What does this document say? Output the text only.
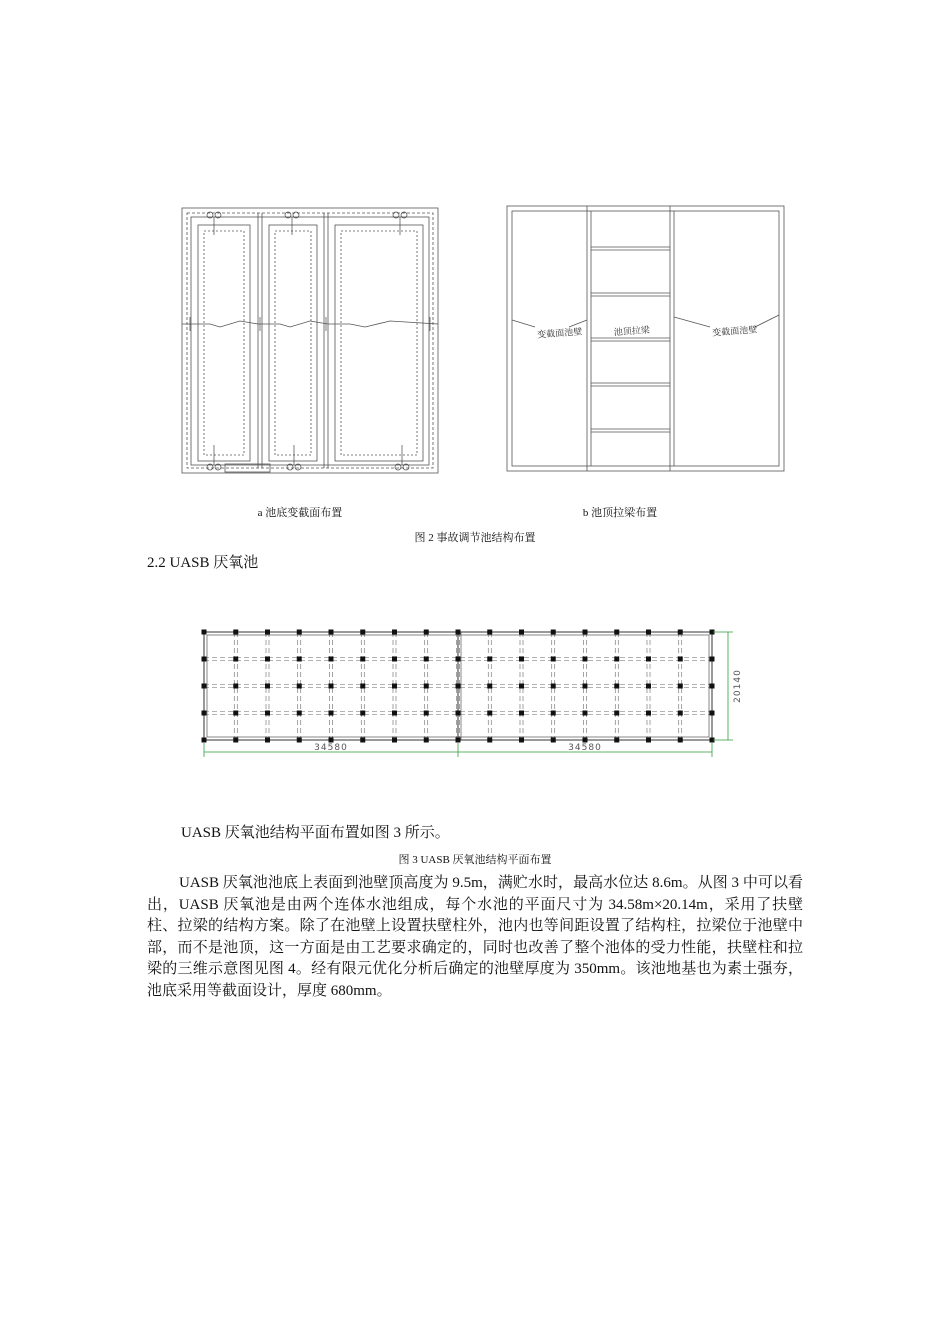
变截面池壁	池顶拉梁	变截面池壁
a 池底变截面布置	b 池顶拉梁布置
图 2 事故调节池结构布置
2.2 UASB 厌氧池
34580	34580
20140
UASB 厌氧池结构平面布置如图 3 所示。
图 3 UASB 厌氧池结构平面布置
UASB 厌氧池池底上表面到池壁顶高度为 9.5m，满贮水时，最高水位达 8.6m。从图 3 中可以看出，UASB 厌氧池是由两个连体水池组成，每个水池的平面尺寸为 34.58m×20.14m，采用了扶壁柱、拉梁的结构方案。除了在池壁上设置扶壁柱外，池内也等间距设置了结构柱，拉梁位于池壁中部，而不是池顶，这一方面是由工艺要求确定的，同时也改善了整个池体的受力性能，扶壁柱和拉梁的三维示意图见图 4。经有限元优化分析后确定的池壁厚度为 350mm。该池地基也为素土强夯，池底采用等截面设计，厚度 680mm。
